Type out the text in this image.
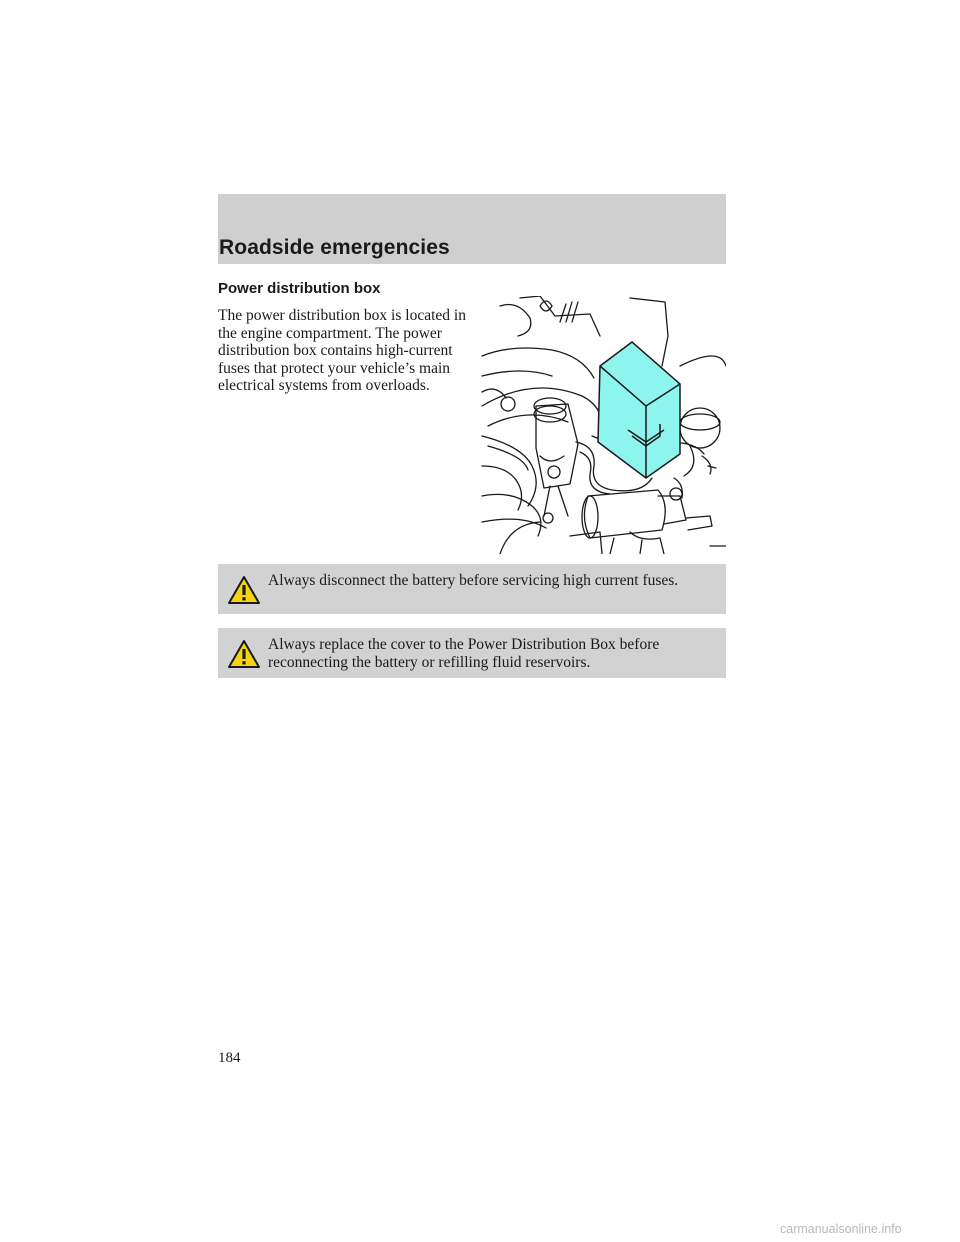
Roadside emergencies
Power distribution box
The power distribution box is located in the engine compartment. The power distribution box contains high-current fuses that protect your vehicle’s main electrical systems from overloads.
Always disconnect the battery before servicing high current fuses.
Always replace the cover to the Power Distribution Box before reconnecting the battery or refilling fluid reservoirs.
184
carmanualsonline.info
